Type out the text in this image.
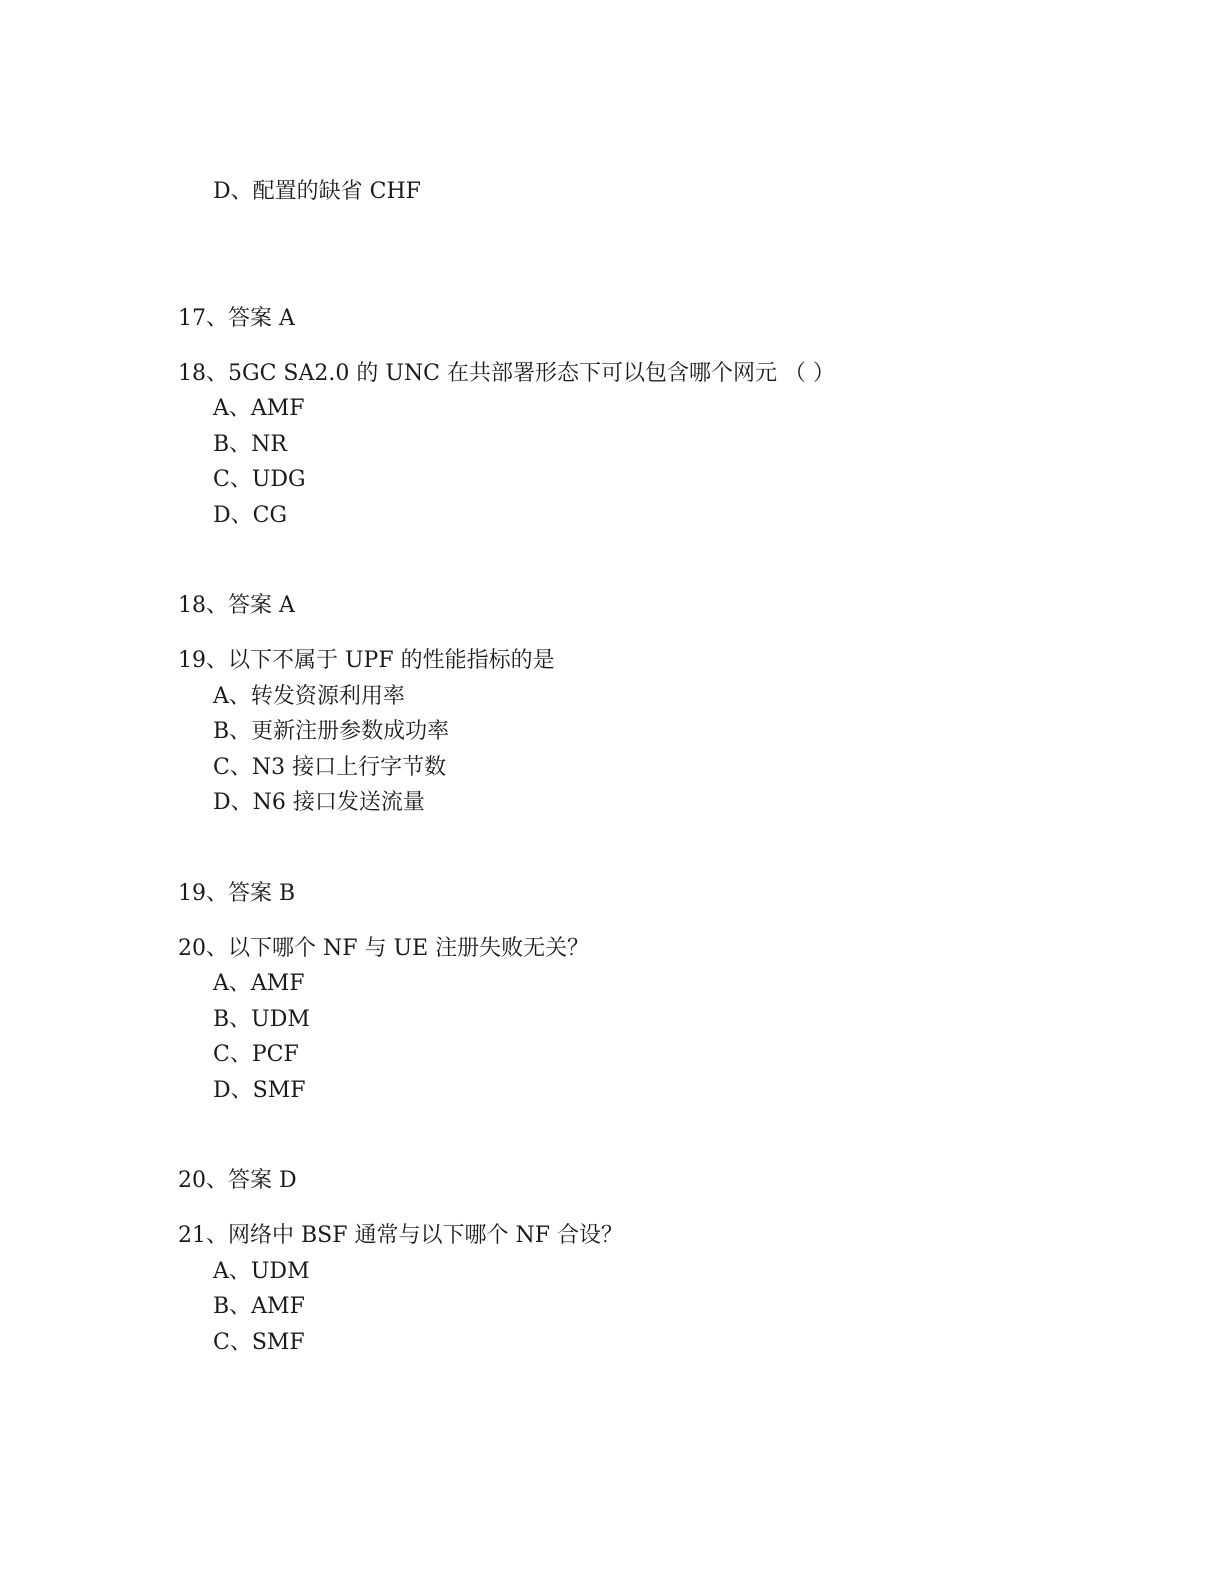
D、配置的缺省 CHF
17、答案 A
18、5GC SA2.0 的 UNC 在共部署形态下可以包含哪个网元 （ ）
A、AMF
B、NR
C、UDG
D、CG
18、答案 A
19、以下不属于 UPF 的性能指标的是
A、转发资源利用率
B、更新注册参数成功率
C、N3 接口上行字节数
D、N6 接口发送流量
19、答案 B
20、以下哪个 NF 与 UE 注册失败无关？
A、AMF
B、UDM
C、PCF
D、SMF
20、答案 D
21、网络中 BSF 通常与以下哪个 NF 合设？
A、UDM
B、AMF
C、SMF
